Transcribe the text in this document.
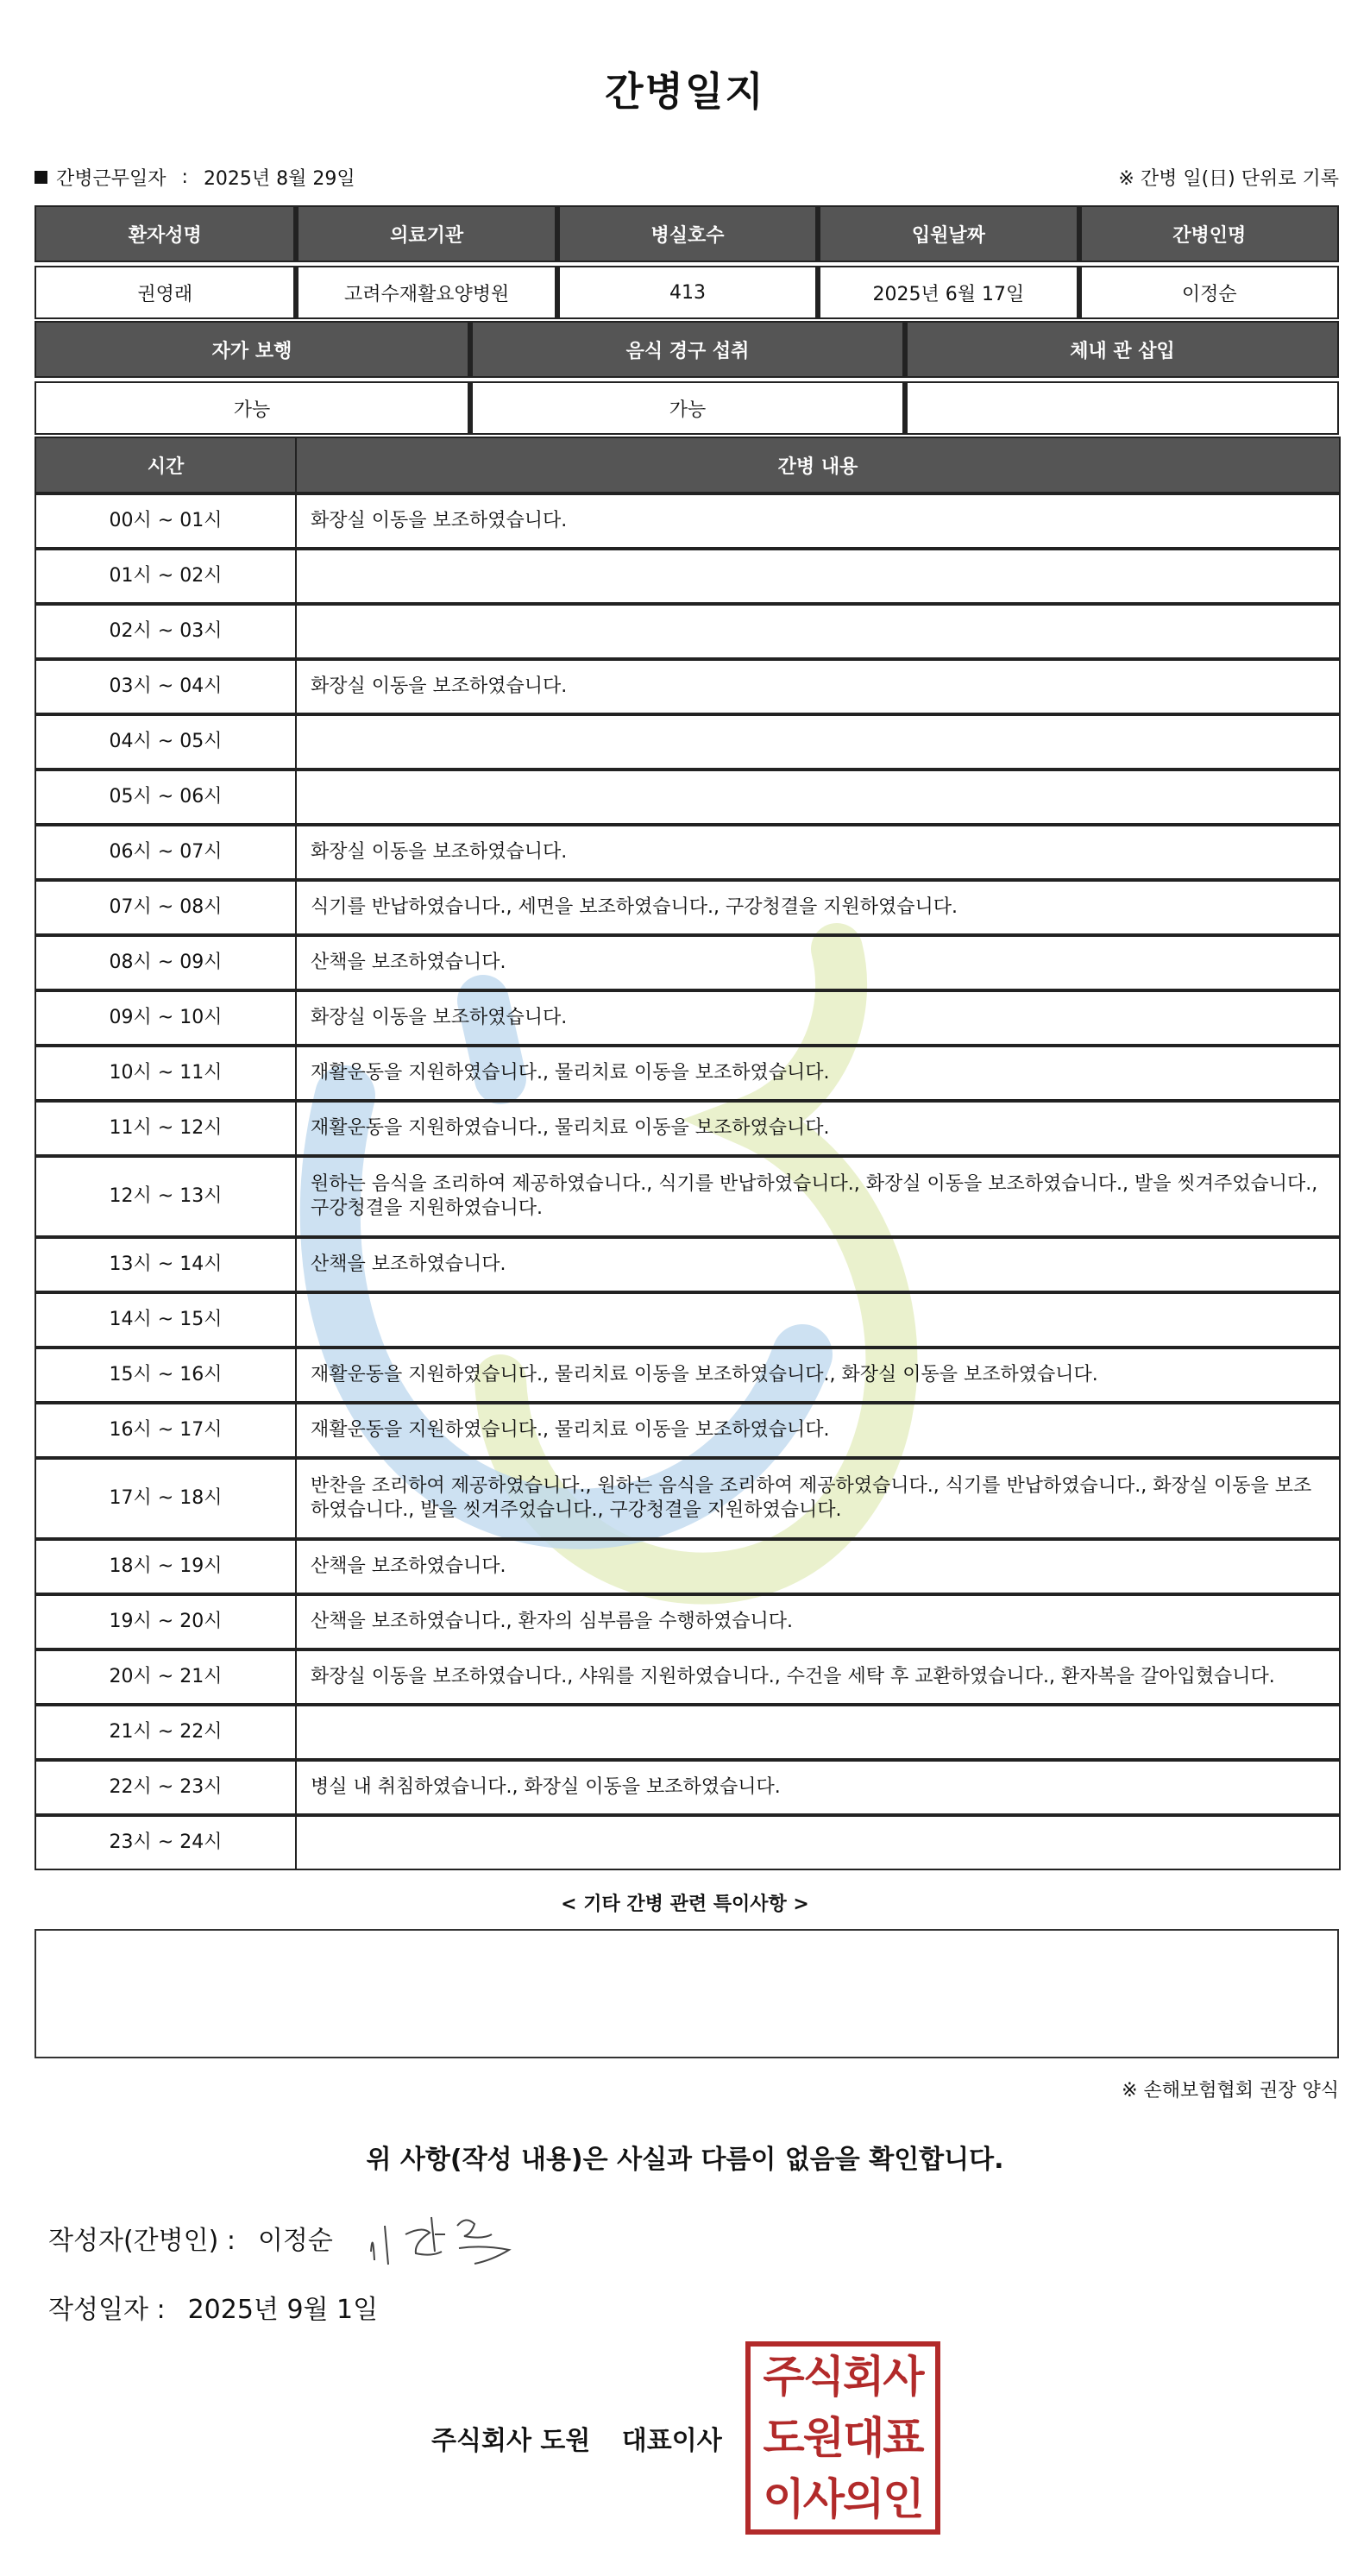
간병일지
간병근무일자 : 2025년 8월 29일	※ 간병 일(日) 단위로 기록
환자성명	의료기관	병실호수	입원날짜	간병인명

권영래	고려수재활요양병원	413	2025년 6월 17일	이정순
자가 보행	음식 경구 섭취	체내 관 삽입

가능	가능	
시간	간병 내용
00시 ~ 01시	화장실 이동을 보조하였습니다.
01시 ~ 02시	
02시 ~ 03시	
03시 ~ 04시	화장실 이동을 보조하였습니다.
04시 ~ 05시	
05시 ~ 06시	
06시 ~ 07시	화장실 이동을 보조하였습니다.
07시 ~ 08시	식기를 반납하였습니다., 세면을 보조하였습니다., 구강청결을 지원하였습니다.
08시 ~ 09시	산책을 보조하였습니다.
09시 ~ 10시	화장실 이동을 보조하였습니다.
10시 ~ 11시	재활운동을 지원하였습니다., 물리치료 이동을 보조하였습니다.
11시 ~ 12시	재활운동을 지원하였습니다., 물리치료 이동을 보조하였습니다.
12시 ~ 13시	원하는 음식을 조리하여 제공하였습니다., 식기를 반납하였습니다., 화장실 이동을 보조하였습니다., 발을 씻겨주었습니다., 구강청결을 지원하였습니다.
13시 ~ 14시	산책을 보조하였습니다.
14시 ~ 15시	
15시 ~ 16시	재활운동을 지원하였습니다., 물리치료 이동을 보조하였습니다., 화장실 이동을 보조하였습니다.
16시 ~ 17시	재활운동을 지원하였습니다., 물리치료 이동을 보조하였습니다.
17시 ~ 18시	반찬을 조리하여 제공하였습니다., 원하는 음식을 조리하여 제공하였습니다., 식기를 반납하였습니다., 화장실 이동을 보조하였습니다., 발을 씻겨주었습니다., 구강청결을 지원하였습니다.
18시 ~ 19시	산책을 보조하였습니다.
19시 ~ 20시	산책을 보조하였습니다., 환자의 심부름을 수행하였습니다.
20시 ~ 21시	화장실 이동을 보조하였습니다., 샤워를 지원하였습니다., 수건을 세탁 후 교환하였습니다., 환자복을 갈아입혔습니다.
21시 ~ 22시	
22시 ~ 23시	병실 내 취침하였습니다., 화장실 이동을 보조하였습니다.
23시 ~ 24시	
< 기타 간병 관련 특이사항 >
※ 손해보험협회 권장 양식
위 사항(작성 내용)은 사실과 다름이 없음을 확인합니다.
작성자(간병인) : 이정순
작성일자 : 2025년 9월 1일
주식회사 도원 대표이사
주식회사
도원대표
이사의인
